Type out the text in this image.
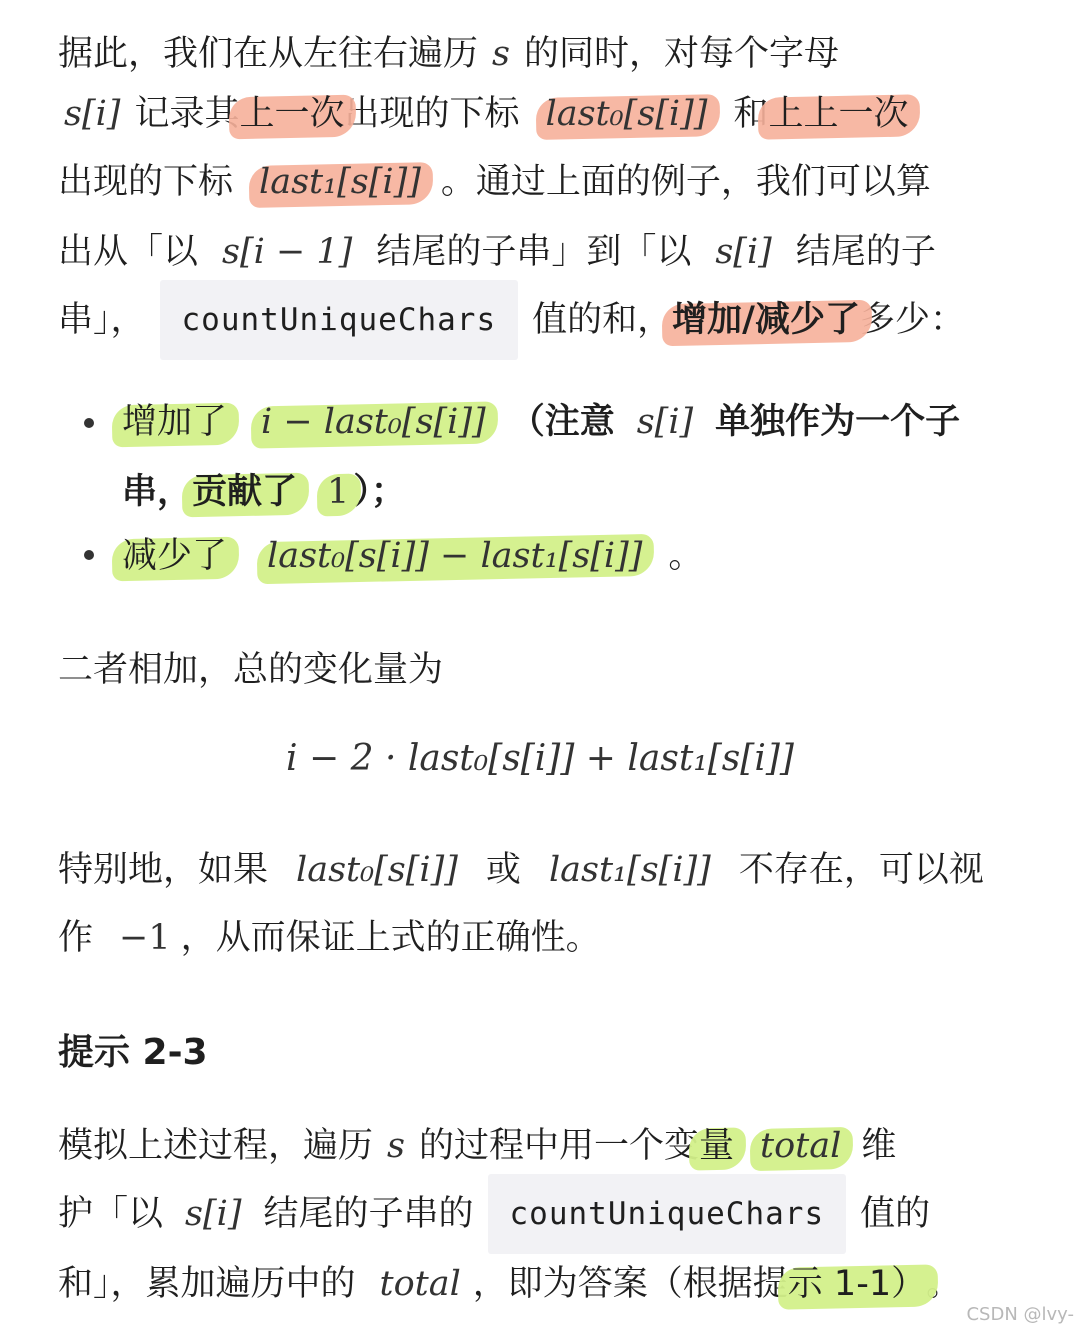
据此，我们在从左往右遍历 s 的同时，对每个字母
s[i] 记录其 上一次 出现的下标 last₀[s[i]] 和 上上一次
出现的下标 last₁[s[i]] 。通过上面的例子，我们可以算
出从「以 s[i − 1] 结尾的子串」到「以 s[i] 结尾的子
串」，	countUniqueChars	值的和， 增加/减少了 多少：
增加了 i − last₀[s[i]] （注意 s[i] 单独作为一个子
串， 贡献了 1 ）；
减少了 last₀[s[i]] − last₁[s[i]] 。
二者相加，总的变化量为
i − 2 · last₀[s[i]] + last₁[s[i]]
特别地，如果 last₀[s[i]] 或 last₁[s[i]] 不存在，可以视
作 −1 ，从而保证上式的正确性。
提示 2-3
模拟上述过程，遍历 s 的过程中用一个变 量 total 维
护「以 s[i] 结尾的子串的	countUniqueChars	值的
和」，累加遍历中的 total ，即为答案（根据提 示 1-1） 。
CSDN @lvy-
